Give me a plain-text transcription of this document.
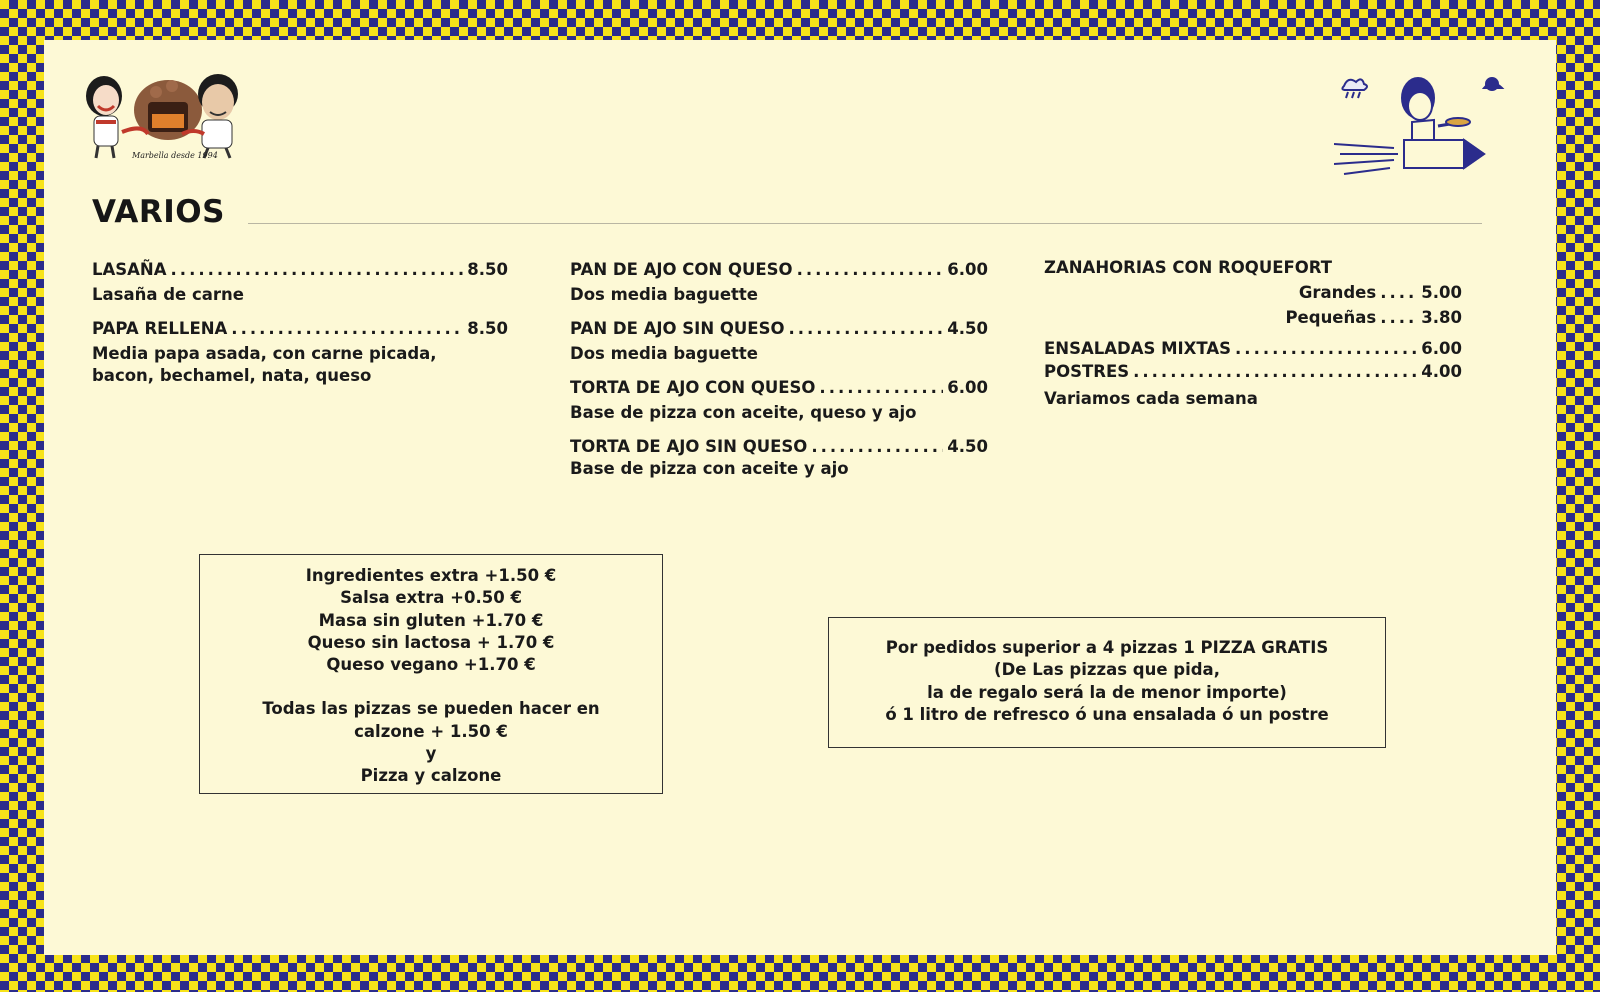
Marbella desde 1994
VARIOS
LASAÑA .....	8.50
Lasaña de carne
PAPA RELLENA .....	8.50
Media papa asada, con carne picada, bacon, bechamel, nata, queso
PAN DE AJO CON QUESO .....	6.00
Dos media baguette
PAN DE AJO SIN QUESO .....	4.50
Dos media baguette
TORTA DE AJO CON QUESO .....	6.00
Base de pizza con aceite, queso y ajo
TORTA DE AJO SIN QUESO .....	4.50
Base de pizza con aceite y ajo
ZANAHORIAS CON ROQUEFORT
Grandes .... 5.00
Pequeñas .... 3.80
ENSALADAS MIXTAS .....	6.00
POSTRES .....	4.00
Variamos cada semana
Ingredientes extra +1.50 €
Salsa extra +0.50 €
Masa sin gluten +1.70 €
Queso sin lactosa + 1.70 €
Queso vegano +1.70 €
Todas las pizzas se pueden hacer en
calzone + 1.50 €
y
Pizza y calzone
Por pedidos superior a 4 pizzas 1 PIZZA GRATIS
(De Las pizzas que pida,
la de regalo será la de menor importe)
ó 1 litro de refresco ó una ensalada ó un postre
